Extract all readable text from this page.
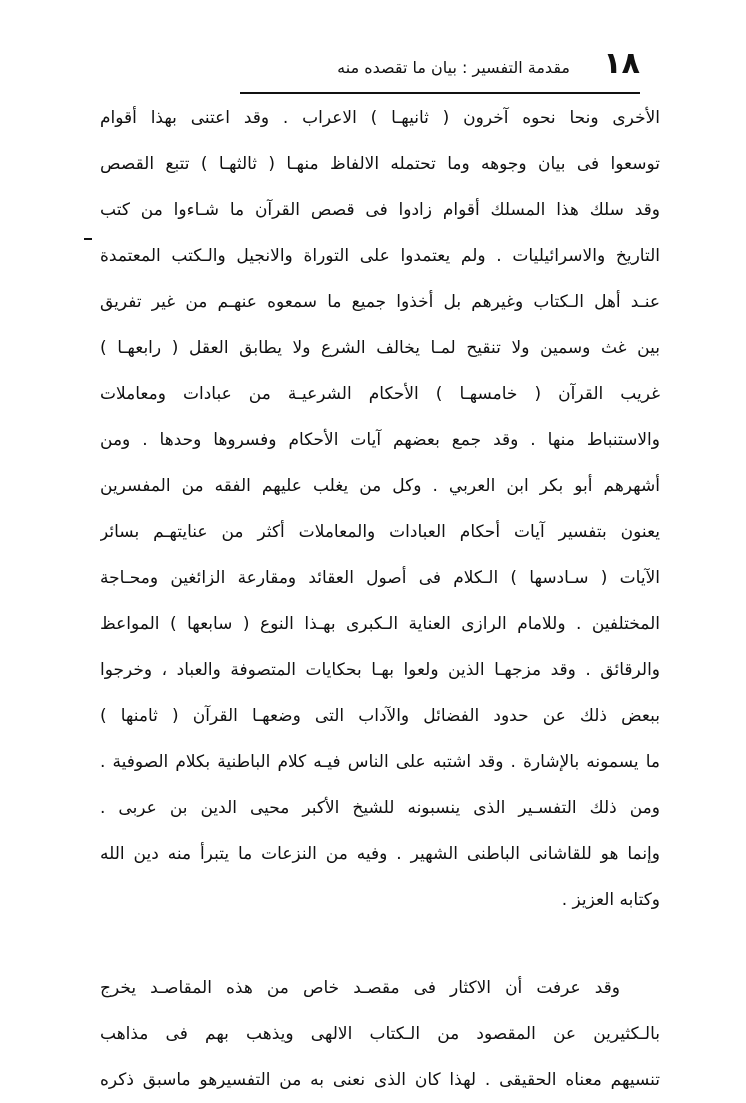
١٨
مقدمة التفسير : بيان ما تقصده منه
الأخرى ونحا نحوه آخرون ( ثانيهـا ) الاعراب . وقد اعتنى بهذا أقوام
توسعوا فى بيان وجوهه وما تحتمله الالفاظ منهـا ( ثالثهـا ) تتبع القصص
وقد سلك هذا المسلك أقوام زادوا فى قصص القرآن ما شـاءوا من كتب
التاريخ والاسرائيليات . ولم يعتمدوا على التوراة والانجيل والـكتب المعتمدة
عنـد أهل الـكتاب وغيرهم بل أخذوا جميع ما سمعوه عنهـم من غير تفريق
بين غث وسمين ولا تنقيح لمـا يخالف الشرع ولا يطابق العقل ( رابعهـا )
غريب القرآن ( خامسهـا ) الأحكام الشرعيـة من عبادات ومعاملات
والاستنباط منها . وقد جمع بعضهم آيات الأحكام وفسروها وحدها . ومن
أشهرهم أبو بكر ابن العربي . وكل من يغلب عليهم الفقه من المفسرين
يعنون بتفسير آيات أحكام العبادات والمعاملات أكثر من عنايتهـم بسائر
الآيات ( سـادسها ) الـكلام فى أصول العقائد ومقارعة الزائغين ومحـاجة
المختلفين . وللامام الرازى العناية الـكبرى بهـذا النوع ( سابعها ) المواعظ
والرقائق . وقد مزجهـا الذين ولعوا بهـا بحكايات المتصوفة والعباد ، وخرجوا
ببعض ذلك عن حدود الفضائل والآداب التى وضعهـا القرآن ( ثامنها )
ما يسمونه بالإشارة . وقد اشتبه على الناس فيـه كلام الباطنية بكلام الصوفية .
ومن ذلك التفسـير الذى ينسبونه للشيخ الأكبر محيى الدين بن عربى .
وإنما هو للقاشانى الباطنى الشهير . وفيه من النزعات ما يتبرأ منه دين الله
وكتابه العزيز .
وقد عرفت أن الاكثار فى مقصـد خاص من هذه المقاصـد يخرج
بالـكثيرين عن المقصود من الـكتاب الالهى ويذهب بهم فى مذاهب
تنسيهم معناه الحقيقى . لهذا كان الذى نعنى به من التفسيرهو ماسبق ذكره
